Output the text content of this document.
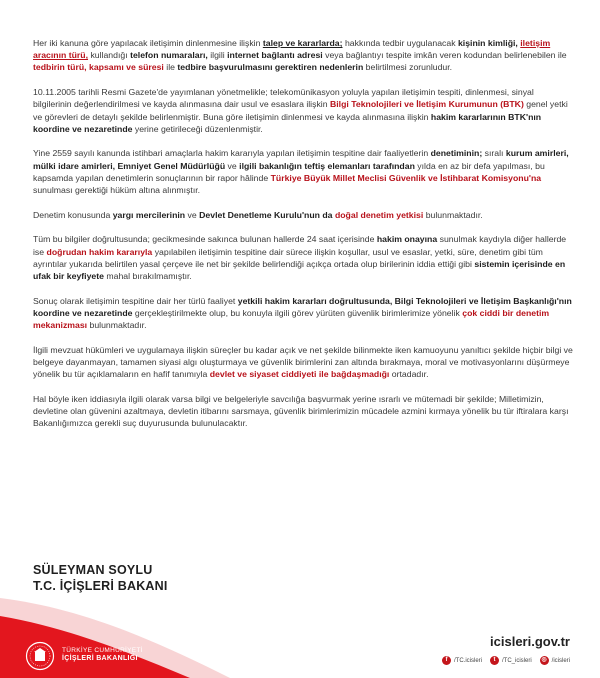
Her iki kanuna göre yapılacak iletişimin dinlenmesine ilişkin talep ve kararlarda; hakkında tedbir uygulanacak kişinin kimliği, iletişim aracının türü, kullandığı telefon numaraları, ilgili internet bağlantı adresi veya bağlantıyı tespite imkân veren kodundan belirlenebilen ile tedbirin türü, kapsamı ve süresi ile tedbire başvurulmasını gerektiren nedenlerin belirtilmesi zorunludur.

10.11.2005 tarihli Resmi Gazete'de yayımlanan yönetmelikle; telekomünikasyon yoluyla yapılan iletişimin tespiti, dinlenmesi, sinyal bilgilerinin değerlendirilmesi ve kayda alınmasına dair usul ve esaslara ilişkin Bilgi Teknolojileri ve İletişim Kurumunun (BTK) genel yetki ve görevleri de detaylı şekilde belirlenmiştir. Buna göre iletişimin dinlenmesi ve kayda alınmasına ilişkin hakim kararlarının BTK'nın koordine ve nezaretinde yerine getirileceği düzenlenmiştir.

Yine 2559 sayılı kanunda istihbari amaçlarla hakim kararıyla yapılan iletişimin tespitine dair faaliyetlerin denetiminin; sıralı kurum amirleri, mülki idare amirleri, Emniyet Genel Müdürlüğü ve ilgili bakanlığın teftiş elemanları tarafından yılda en az bir defa yapılması, bu kapsamda yapılan denetimlerin sonuçlarının bir rapor hâlinde Türkiye Büyük Millet Meclisi Güvenlik ve İstihbarat Komisyonu'na sunulması gerektiği hüküm altına alınmıştır.

Denetim konusunda yargı mercilerinin ve Devlet Denetleme Kurulu'nun da doğal denetim yetkisi bulunmaktadır.

Tüm bu bilgiler doğrultusunda; gecikmesinde sakınca bulunan hallerde 24 saat içerisinde hakim onayına sunulmak kaydıyla diğer hallerde ise doğrudan hakim kararıyla yapılabilen iletişimin tespitine dair sürece ilişkin koşullar, usul ve esaslar, yetki, süre, denetim gibi tüm ayrıntılar yukarıda belirtilen yasal çerçeve ile net bir şekilde belirlendiği açıkça ortada olup birilerinin iddia ettiği gibi sistemin içerisinde en ufak bir keyfiyete mahal bırakılmamıştır.

Sonuç olarak iletişimin tespitine dair her türlü faaliyet yetkili hakim kararları doğrultusunda, Bilgi Teknolojileri ve İletişim Başkanlığı'nın koordine ve nezaretinde gerçekleştirilmekte olup, bu konuyla ilgili görev yürüten güvenlik birimlerimize yönelik çok ciddi bir denetim mekanizması bulunmaktadır.

İlgili mevzuat hükümleri ve uygulamaya ilişkin süreçler bu kadar açık ve net şekilde bilinmekte iken kamuoyunu yanıltıcı şekilde hiçbir bilgi ve belgeye dayanmayan, tamamen siyasi algı oluşturmaya ve güvenlik birimlerini zan altında bırakmaya, moral ve motivasyonlarını düşürmeye yönelik bu tür açıklamaların en hafif tanımıyla devlet ve siyaset ciddiyeti ile bağdaşmadığı ortadadır.

Hal böyle iken iddiasıyla ilgili olarak varsa bilgi ve belgeleriyle savcılığa başvurmak yerine ısrarlı ve mütemadi bir şekilde; Milletimizin, devletine olan güvenini azaltmaya, devletin itibarını sarsmaya, güvenlik birimlerimizin mücadele azmini kırmaya yönelik bu tür iftiralara karşı Bakanlığımızca gerekli suç duyurusunda bulunulacaktır.

SÜLEYMAN SOYLU
T.C. İÇİŞLERİ BAKANI
TÜRKİYE CUMHURİYETİ
İÇİŞLERİ BAKANLIĞI
icisleri.gov.tr
f	/TC.icisleri	t	/TC_icisleri	◎ /icisleri
